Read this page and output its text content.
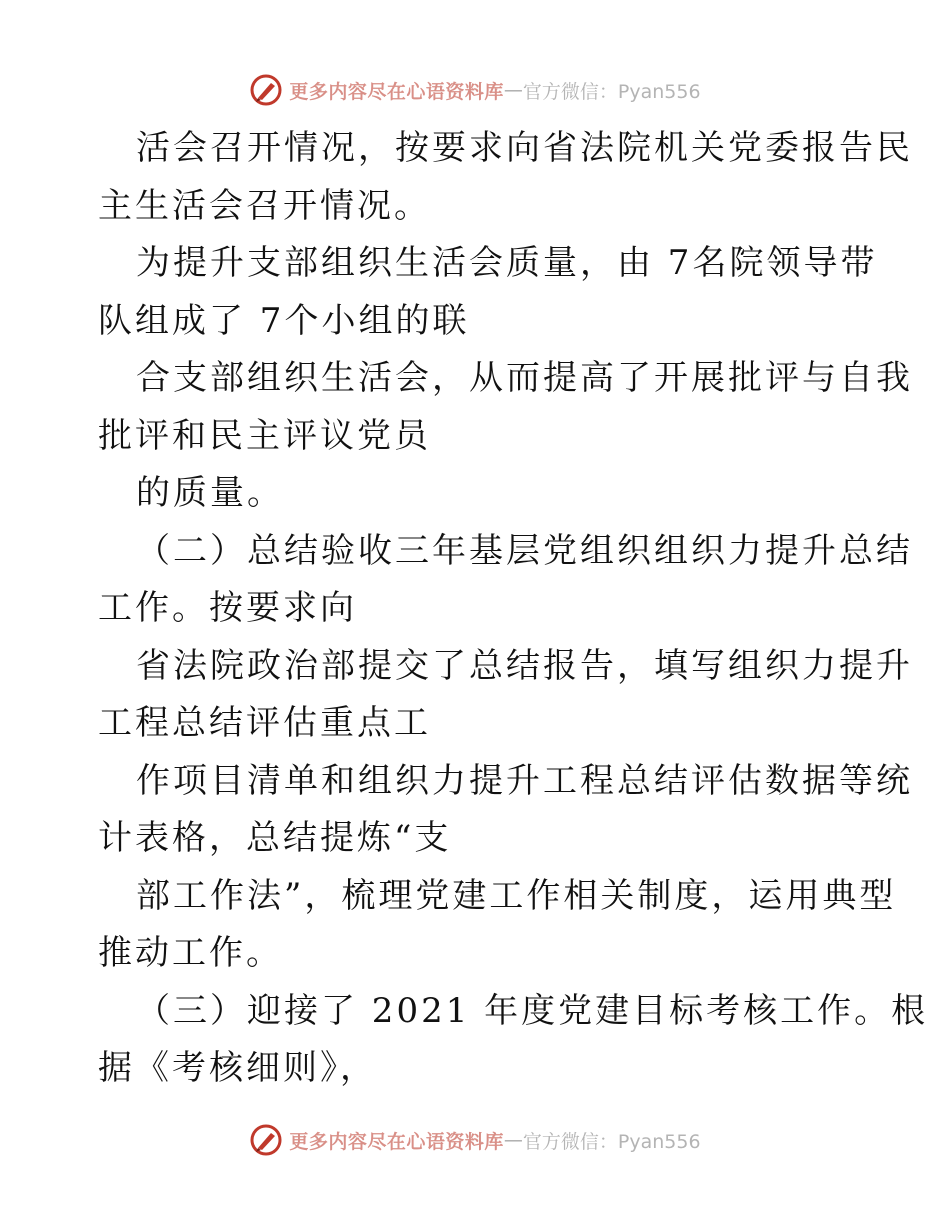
更多内容尽在心语资料库 — 官方微信：Pyan556
活会召开情况，按要求向省法院机关党委报告民
主生活会召开情况。
为提升支部组织生活会质量，由 7名院领导带
队组成了 7个小组的联
合支部组织生活会，从而提高了开展批评与自我
批评和民主评议党员
的质量。
（二）总结验收三年基层党组织组织力提升总结
工作。按要求向
省法院政治部提交了总结报告，填写组织力提升
工程总结评估重点工
作项目清单和组织力提升工程总结评估数据等统
计表格，总结提炼“支
部工作法”，梳理党建工作相关制度，运用典型
推动工作。
（三）迎接了 2021 年度党建目标考核工作。根
据《考核细则》，
更多内容尽在心语资料库 — 官方微信：Pyan556
